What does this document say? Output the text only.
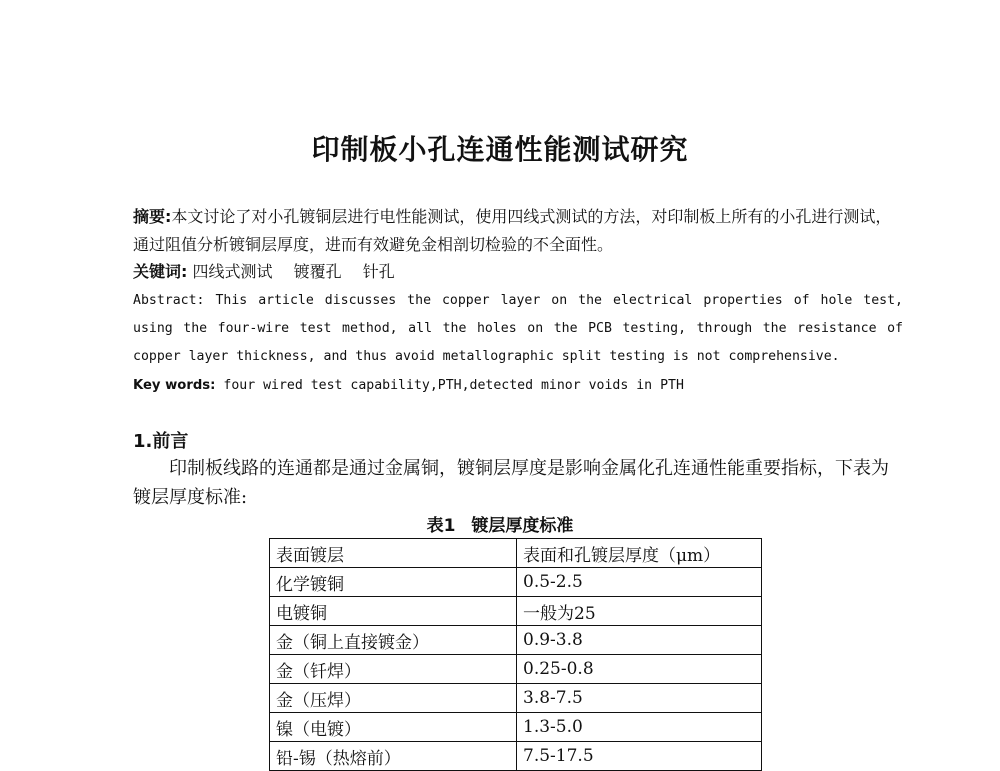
印制板小孔连通性能测试研究
摘要:本文讨论了对小孔镀铜层进行电性能测试，使用四线式测试的方法，对印制板上所有的小孔进行测试，通过阻值分析镀铜层厚度，进而有效避免金相剖切检验的不全面性。
关键词: 四线式测试 镀覆孔 针孔
Abstract: This article discusses the copper layer on the electrical properties of hole test, using the four-wire test method, all the holes on the PCB testing, through the resistance of copper layer thickness, and thus avoid metallographic split testing is not comprehensive.
Key words: four wired test capability,PTH,detected minor voids in PTH
1.前言
印制板线路的连通都是通过金属铜，镀铜层厚度是影响金属化孔连通性能重要指标，下表为镀层厚度标准:
表1 镀层厚度标准
表面镀层	表面和孔镀层厚度（μm）
化学镀铜	0.5-2.5
电镀铜	一般为25
金（铜上直接镀金）	0.9-3.8
金（钎焊）	0.25-0.8
金（压焊）	3.8-7.5
镍（电镀）	1.3-5.0
铅-锡（热熔前）	7.5-17.5
